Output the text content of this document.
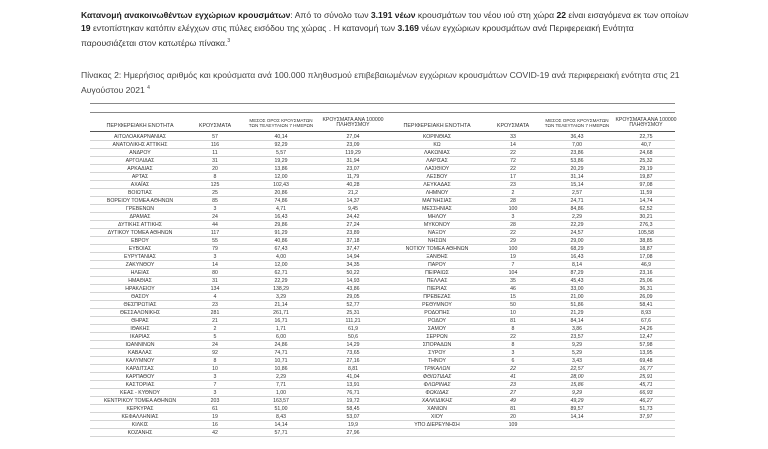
Κατανομή ανακοινωθέντων εγχώριων κρουσμάτων: Από το σύνολο των 3.191 νέων κρουσμάτων του νέου ιού στη χώρα 22 είναι εισαγόμενα εκ των οποίων 19 εντοπίστηκαν κατόπιν ελέγχων στις πύλες εισόδου της χώρας . Η κατανομή των 3.169 νέων εγχώριων κρουσμάτων ανά Περιφερειακή Ενότητα παρουσιάζεται στον κατωτέρω πίνακα.$^3$
Πίνακας 2: Ημερήσιος αριθμός και κρούσματα ανά 100.000 πληθυσμού επιβεβαιωμένων εγχώριων κρουσμάτων COVID-19 ανά περιφερειακή ενότητα στις 21 Αυγούστου 2021 $^4$
ΠΕΡΙΦΕΡΕΙΑΚΗ ΕΝΟΤΗΤΑ	ΚΡΟΥΣΜΑΤΑ
ΜΕΣΟΣ ΟΡΟΣ ΚΡΟΥΣΜΑΤΩΝ ΤΩΝ ΤΕΛΕΥΤΑΙΩΝ 7 ΗΜΕΡΩΝ
ΚΡΟΥΣΜΑΤΑ ΑΝΑ 100000 ΠΛΗΘΥΣΜΟΥ	ΠΕΡΙΦΕΡΕΙΑΚΗ ΕΝΟΤΗΤΑ	ΚΡΟΥΣΜΑΤΑ
ΜΕΣΟΣ ΟΡΟΣ ΚΡΟΥΣΜΑΤΩΝ ΤΩΝ ΤΕΛΕΥΤΑΙΩΝ 7 ΗΜΕΡΩΝ
ΚΡΟΥΣΜΑΤΑ ΑΝΑ 100000 ΠΛΗΘΥΣΜΟΥ
ΑΙΤΩΛΟΑΚΑΡΝΑΝΙΑΣ	57	40,14	27,04	ΚΟΡΙΝΘΙΑΣ	33	36,43	22,75
ΑΝΑΤΟΛΙΚΗΣ ΑΤΤΙΚΗΣ	116	92,29	23,09	ΚΩ	14	7,00	40,7
ΑΝΔΡΟΥ	11	5,57	119,29	ΛΑΚΩΝΙΑΣ	22	23,86	24,68
ΑΡΓΟΛΙΔΑΣ	31	19,29	31,94	ΛΑΡΙΣΑΣ	72	53,86	25,32
ΑΡΚΑΔΙΑΣ	20	13,86	23,07	ΛΑΣΙΘΙΟΥ	22	20,29	29,19
ΑΡΤΑΣ	8	12,00	11,79	ΛΕΣΒΟΥ	17	31,14	19,87
ΑΧΑΪΑΣ	125	102,43	40,28	ΛΕΥΚΑΔΑΣ	23	15,14	97,08
ΒΟΙΩΤΙΑΣ	25	20,86	21,2	ΛΗΜΝΟΥ	2	2,57	11,59
ΒΟΡΕΙΟΥ ΤΟΜΕΑ ΑΘΗΝΩΝ	85	74,86	14,37	ΜΑΓΝΗΣΙΑΣ	28	24,71	14,74
ΓΡΕΒΕΝΩΝ	3	4,71	9,45	ΜΕΣΣΗΝΙΑΣ	100	84,86	62,52
ΔΡΑΜΑΣ	24	16,43	24,42	ΜΗΛΟΥ	3	2,29	30,21
ΔΥΤΙΚΗΣ ΑΤΤΙΚΗΣ	44	29,86	27,24	ΜΥΚΟΝΟΥ	28	22,29	276,3
ΔΥΤΙΚΟΥ ΤΟΜΕΑ ΑΘΗΝΩΝ	117	91,29	23,89	ΝΑΞΟΥ	22	24,57	105,58
ΕΒΡΟΥ	55	40,86	37,18	ΝΗΣΩΝ	29	29,00	38,85
ΕΥΒΟΙΑΣ	79	67,43	37,47	ΝΟΤΙΟΥ ΤΟΜΕΑ ΑΘΗΝΩΝ	100	68,29	18,87
ΕΥΡΥΤΑΝΙΑΣ	3	4,00	14,94	ΞΑΝΘΗΣ	19	16,43	17,08
ΖΑΚΥΝΘΟΥ	14	12,00	34,35	ΠΑΡΟΥ	7	8,14	46,9
ΗΛΕΙΑΣ	80	62,71	50,22	ΠΕΙΡΑΙΩΣ	104	87,29	23,16
ΗΜΑΘΙΑΣ	31	22,29	14,93	ΠΕΛΛΑΣ	35	45,43	25,06
ΗΡΑΚΛΕΙΟΥ	134	138,29	43,86	ΠΙΕΡΙΑΣ	46	33,00	36,31
ΘΑΣΟΥ	4	3,29	29,05	ΠΡΕΒΕΖΑΣ	15	21,00	26,09
ΘΕΣΠΡΩΤΙΑΣ	23	21,14	52,77	ΡΕΘΥΜΝΟΥ	50	51,86	58,41
ΘΕΣΣΑΛΟΝΙΚΗΣ	281	261,71	25,31	ΡΟΔΟΠΗΣ	10	21,29	8,93
ΘΗΡΑΣ	21	16,71	111,21	ΡΟΔΟΥ	81	84,14	67,6
ΙΘΑΚΗΣ	2	1,71	61,9	ΣΑΜΟΥ	8	3,86	24,26
ΙΚΑΡΙΑΣ	5	6,00	50,6	ΣΕΡΡΩΝ	22	23,57	12,47
ΙΩΑΝΝΙΝΩΝ	24	24,86	14,29	ΣΠΟΡΑΔΩΝ	8	9,29	57,98
ΚΑΒΑΛΑΣ	92	74,71	73,65	ΣΥΡΟΥ	3	5,29	13,95
ΚΑΛΥΜΝΟΥ	8	10,71	27,16	ΤΗΝΟΥ	6	3,43	69,48
ΚΑΡΔΙΤΣΑΣ	10	10,86	8,81	ΤΡΙΚΑΛΩΝ	22	22,57	16,77
ΚΑΡΠΑΘΟΥ	3	2,29	41,04	ΦΘΙΩΤΙΔΑΣ	41	28,00	25,91
ΚΑΣΤΟΡΙΑΣ	7	7,71	13,91	ΦΛΩΡΙΝΑΣ	23	15,86	45,71
ΚΕΑΣ - ΚΥΘΝΟΥ	3	1,00	76,71	ΦΩΚΙΔΑΣ	27	9,29	66,93
ΚΕΝΤΡΙΚΟΥ ΤΟΜΕΑ ΑΘΗΝΩΝ	203	163,57	19,72	ΧΑΛΚΙΔΙΚΗΣ	49	49,29	46,27
ΚΕΡΚΥΡΑΣ	61	51,00	58,45	ΧΑΝΙΩΝ	81	89,57	51,73
ΚΕΦΑΛΛΗΝΙΑΣ	19	8,43	53,07	ΧΙΟΥ	20	14,14	37,97
ΚΙΛΚΙΣ	16	14,14	19,9	ΥΠΟ ΔΙΕΡΕΥΝΗΣΗ	109
ΚΟΖΑΝΗΣ	42	57,71	27,96
